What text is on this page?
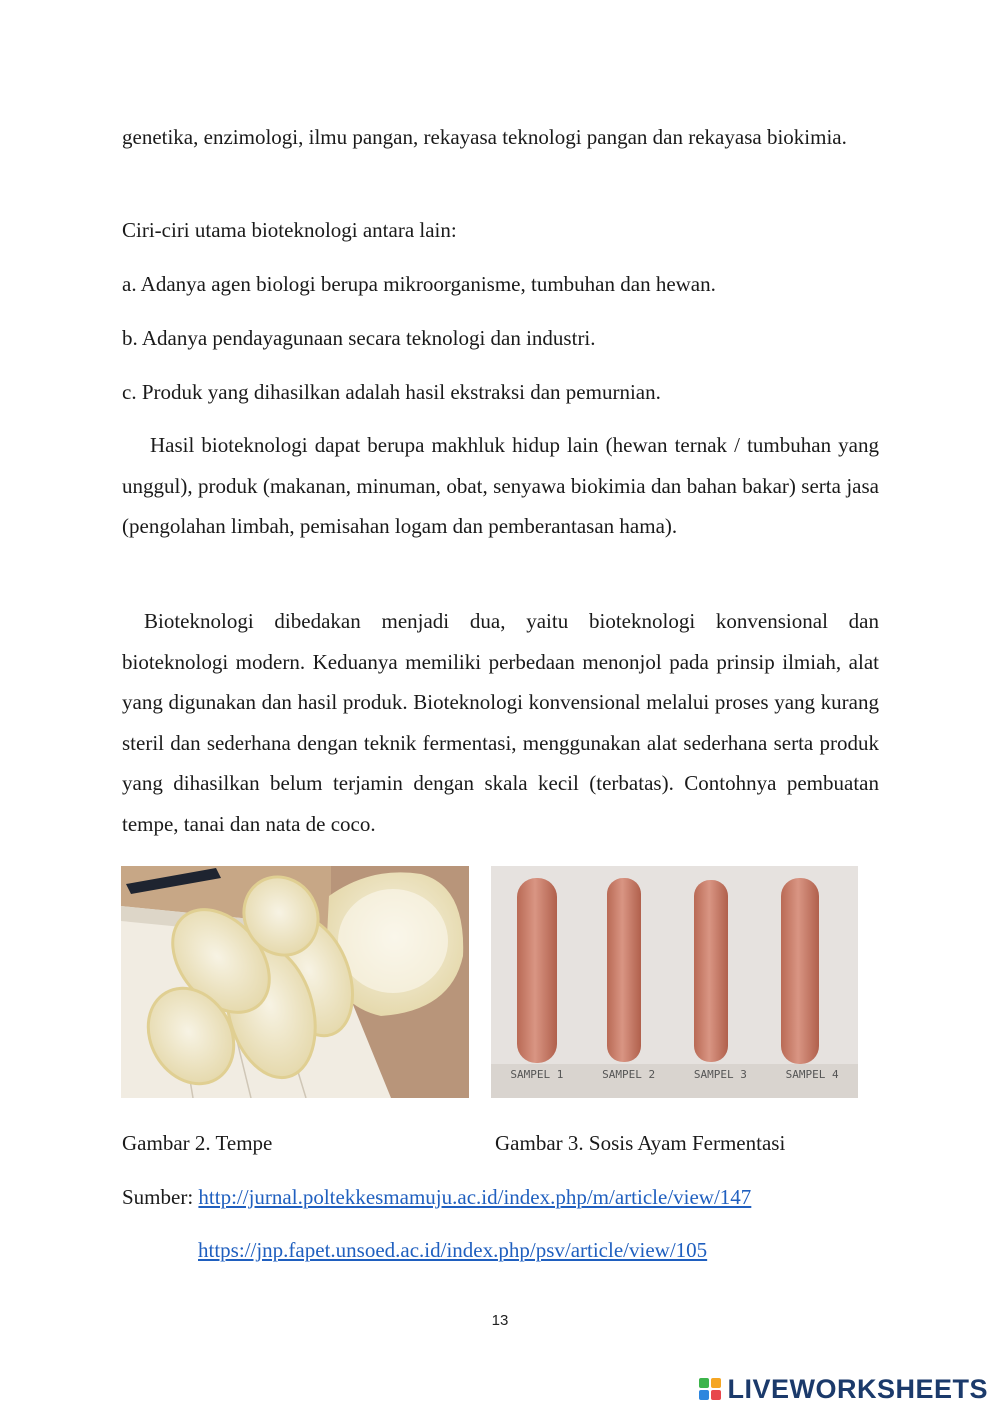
genetika, enzimologi, ilmu pangan, rekayasa teknologi pangan dan rekayasa biokimia.

Ciri-ciri utama bioteknologi antara lain:

a. Adanya agen biologi berupa mikroorganisme, tumbuhan dan hewan.

b. Adanya pendayagunaan secara teknologi dan industri.

c. Produk yang dihasilkan adalah hasil ekstraksi dan pemurnian.

Hasil bioteknologi dapat berupa makhluk hidup lain (hewan ternak / tumbuhan yang unggul), produk (makanan, minuman, obat, senyawa biokimia dan bahan bakar) serta jasa (pengolahan limbah, pemisahan logam dan pemberantasan hama).

Bioteknologi dibedakan menjadi dua, yaitu bioteknologi konvensional dan bioteknologi modern. Keduanya memiliki perbedaan menonjol pada prinsip ilmiah, alat yang digunakan dan hasil produk. Bioteknologi konvensional melalui proses yang kurang steril dan sederhana dengan teknik fermentasi, menggunakan alat sederhana serta produk yang dihasilkan belum terjamin dengan skala kecil (terbatas). Contohnya pembuatan tempe, tanai dan nata de coco.

SAMPEL 1	SAMPEL 2	SAMPEL 3	SAMPEL 4
Gambar 2. Tempe	Gambar 3. Sosis Ayam Fermentasi
Sumber: http://jurnal.poltekkesmamuju.ac.id/index.php/m/article/view/147
https://jnp.fapet.unsoed.ac.id/index.php/psv/article/view/105
13
LIVEWORKSHEETS
